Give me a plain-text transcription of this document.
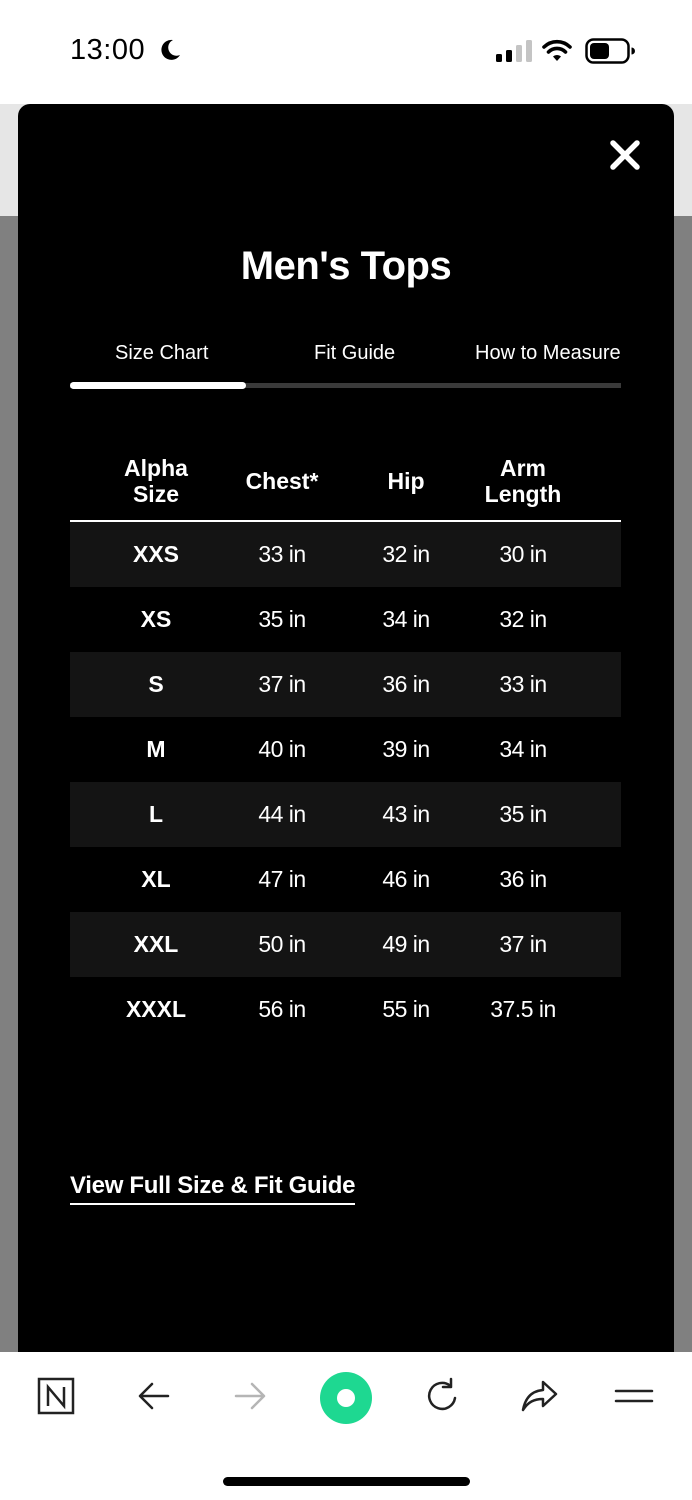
13:00
Men's Tops
Size Chart	Fit Guide	How to Measure
Alpha
Size	Chest*	Hip	Arm
Length
XXS	33 in	32 in	30 in
XS	35 in	34 in	32 in
S	37 in	36 in	33 in
M	40 in	39 in	34 in
L	44 in	43 in	35 in
XL	47 in	46 in	36 in
XXL	50 in	49 in	37 in
XXXL	56 in	55 in	37.5 in
View Full Size & Fit Guide
